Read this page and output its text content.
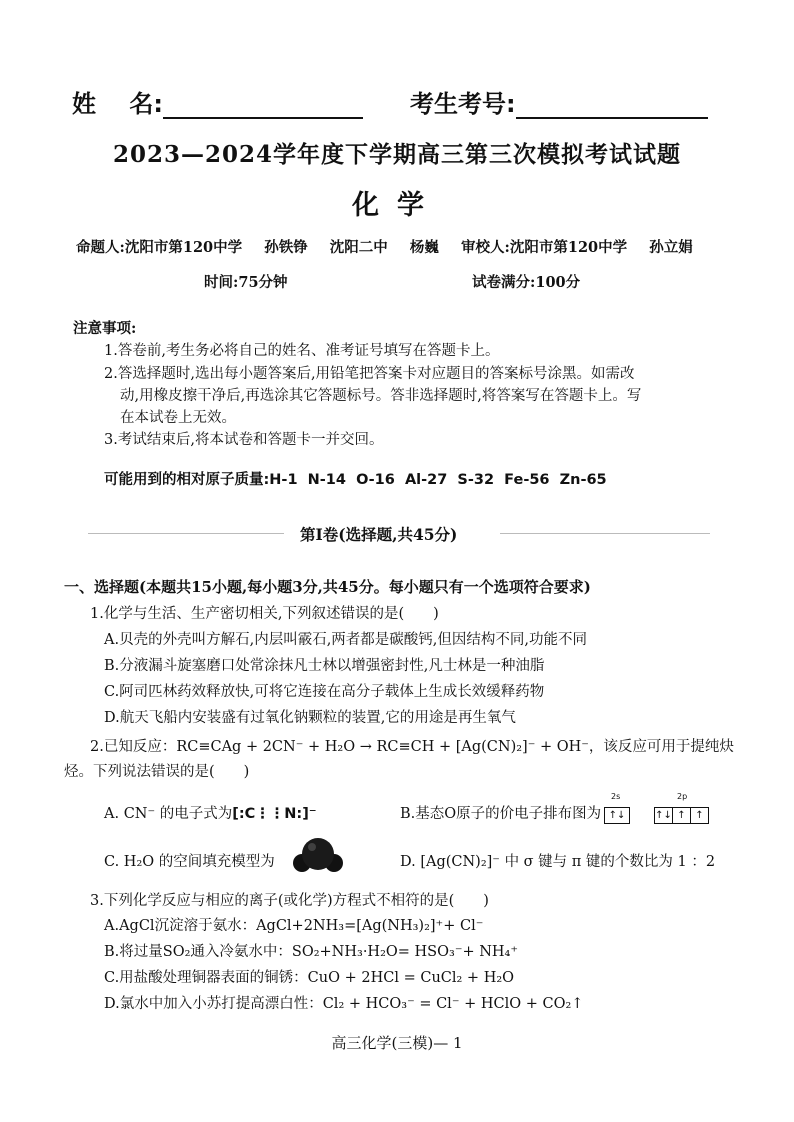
姓    名:	考生考号:
2023—2024学年度下学期高三第三次模拟考试试题
化学
命题人:沈阳市第120中学  孙铁铮  沈阳二中  杨巍  审校人:沈阳市第120中学  孙立娟
时间:75分钟	试卷满分:100分
注意事项:
1.答卷前,考生务必将自己的姓名、准考证号填写在答题卡上。
2.答选择题时,选出每小题答案后,用铅笔把答案卡对应题目的答案标号涂黑。如需改
动,用橡皮擦干净后,再选涂其它答题标号。答非选择题时,将答案写在答题卡上。写
在本试卷上无效。
3.考试结束后,将本试卷和答题卡一并交回。
可能用到的相对原子质量:H-1  N-14  O-16  Al-27  S-32  Fe-56  Zn-65
第Ⅰ卷(选择题,共45分)
一、选择题(本题共15小题,每小题3分,共45分。每小题只有一个选项符合要求)
1.化学与生活、生产密切相关,下列叙述错误的是(　　)
A.贝壳的外壳叫方解石,内层叫霰石,两者都是碳酸钙,但因结构不同,功能不同
B.分液漏斗旋塞磨口处常涂抹凡士林以增强密封性,凡士林是一种油脂
C.阿司匹林药效释放快,可将它连接在高分子载体上生成长效缓释药物
D.航天飞船内安装盛有过氧化钠颗粒的装置,它的用途是再生氧气
2.已知反应：RC≡CAg + 2CN⁻ + H₂O → RC≡CH + [Ag(CN)₂]⁻ + OH⁻，该反应可用于提纯炔
烃。下列说法错误的是(　　)
A. CN⁻ 的电子式为[:C⋮⋮N:]⁻	B.基态O原子的价电子排布图为
2s	2p
↑↓	↑↓ ↑ ↑
C. H₂O 的空间填充模型为	D. [Ag(CN)₂]⁻ 中 σ 键与 π 键的个数比为 1 ：2
3.下列化学反应与相应的离子(或化学)方程式不相符的是(　　)
A.AgCl沉淀溶于氨水：AgCl+2NH₃=[Ag(NH₃)₂]⁺+ Cl⁻
B.将过量SO₂通入冷氨水中：SO₂+NH₃·H₂O= HSO₃⁻+ NH₄⁺
C.用盐酸处理铜器表面的铜锈：CuO + 2HCl = CuCl₂ + H₂O
D.氯水中加入小苏打提高漂白性：Cl₂ + HCO₃⁻ = Cl⁻ + HClO + CO₂↑
高三化学(三模)— 1
